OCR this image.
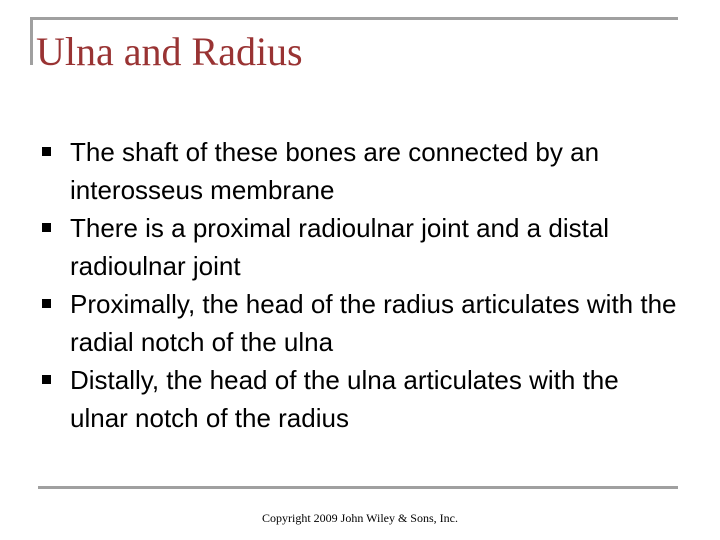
Ulna and Radius
The shaft of these bones are connected by an interosseus membrane
There is a proximal radioulnar joint and a distal radioulnar joint
Proximally, the head of the radius articulates with the radial notch of the ulna
Distally, the head of the ulna articulates with the ulnar notch of the radius
Copyright 2009 John Wiley & Sons, Inc.
